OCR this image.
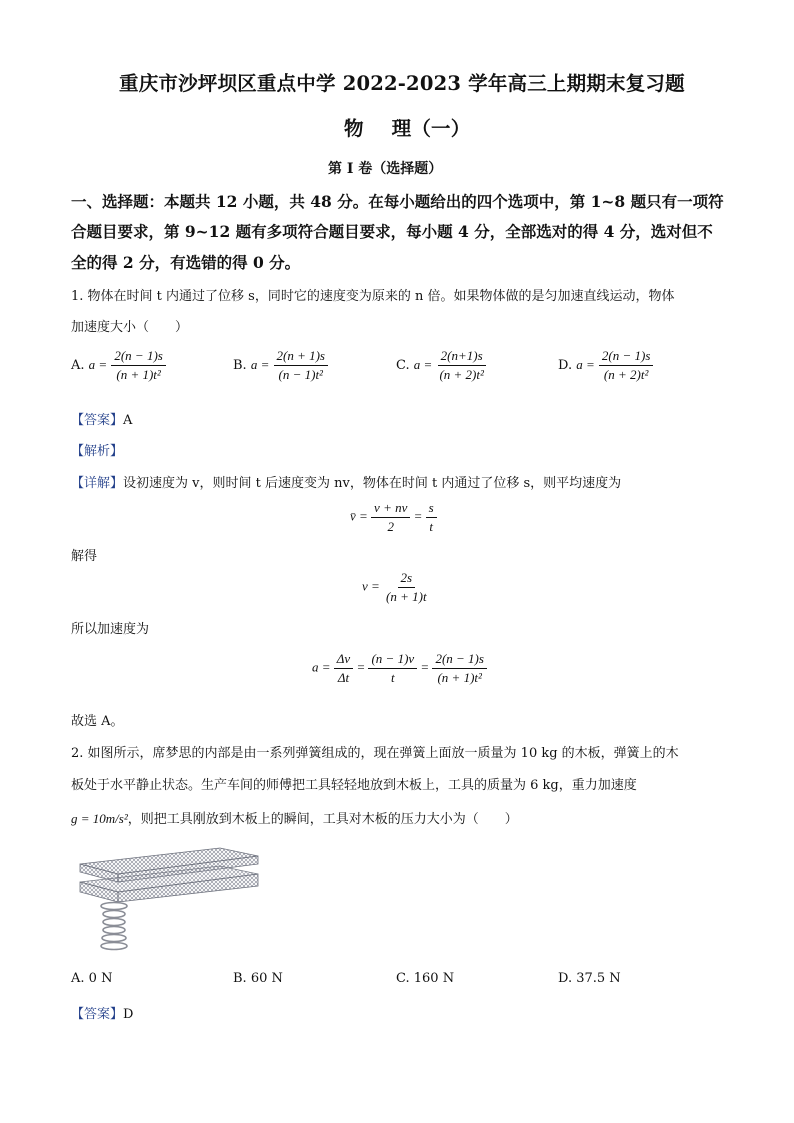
重庆市沙坪坝区重点中学 2022-2023 学年高三上期期末复习题
物    理（一）
第 I 卷（选择题）
一、选择题：本题共 12 小题，共 48 分。在每小题给出的四个选项中，第 1~8 题只有一项符
合题目要求，第 9~12 题有多项符合题目要求，每小题 4 分，全部选对的得 4 分，选对但不
全的得 2 分，有选错的得 0 分。
1. 物体在时间 t 内通过了位移 s，同时它的速度变为原来的 n 倍。如果物体做的是匀加速直线运动，物体
加速度大小（　　）
A. $a = \frac{2(n - 1)s}{\text{(n + 1)t²}}$	B. $a = \frac{2(n + 1)s}{\text{(n − 1)t²}}$	C. $a = \frac{2(n+1)s}{\text{(n + 2)t²}}$	D. $a = \frac{2(n - 1)s}{\text{(n + 2)t²}}$
【答案】A
【解析】
【详解】设初速度为 v，则时间 t 后速度变为 nv，物体在时间 t 内通过了位移 s，则平均速度为
v̄ = $\frac{v + nv}{2} = \frac{s}{t}$
解得
$v = \frac{2s}{(n + 1)t}$
所以加速度为
$a = \frac{\Delta v}{\Delta t} = \frac{(n - 1)v}{t} = \frac{2(n - 1)s}{\text{(n + 1)t²}}$
故选 A。
2. 如图所示，席梦思的内部是由一系列弹簧组成的，现在弹簧上面放一质量为 10 kg 的木板，弹簧上的木
板处于水平静止状态。生产车间的师傅把工具轻轻地放到木板上，工具的质量为 6 kg，重力加速度
g = 10m/s²，则把工具刚放到木板上的瞬间，工具对木板的压力大小为（　　）
A. 0 N	B. 60 N	C. 160 N	D. 37.5 N
【答案】D
